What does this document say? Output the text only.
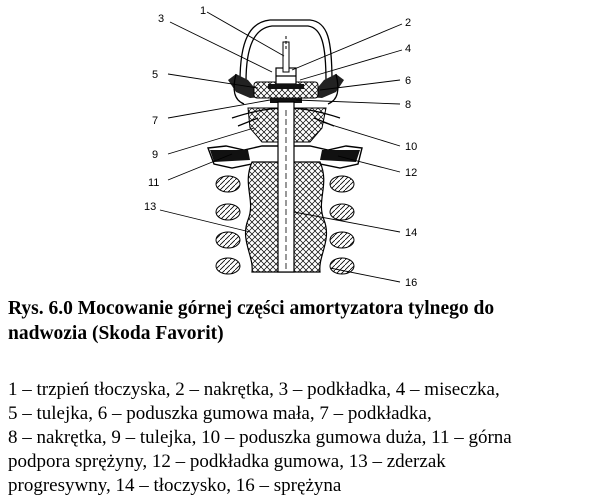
1
2
3
4
5	6
7
8
9
10
11
12
13
14
16
Rys. 6.0 Mocowanie górnej części amortyzatora tylnego do
nadwozia (Skoda Favorit)
1 – trzpień tłoczyska, 2 – nakrętka, 3 – podkładka, 4 – miseczka,
5 – tulejka, 6 – poduszka gumowa mała, 7 – podkładka,
8 – nakrętka, 9 – tulejka, 10 – poduszka gumowa duża, 11 – górna
podpora sprężyny, 12 – podkładka gumowa, 13 – zderzak
progresywny, 14 – tłoczysko, 16 – sprężyna
